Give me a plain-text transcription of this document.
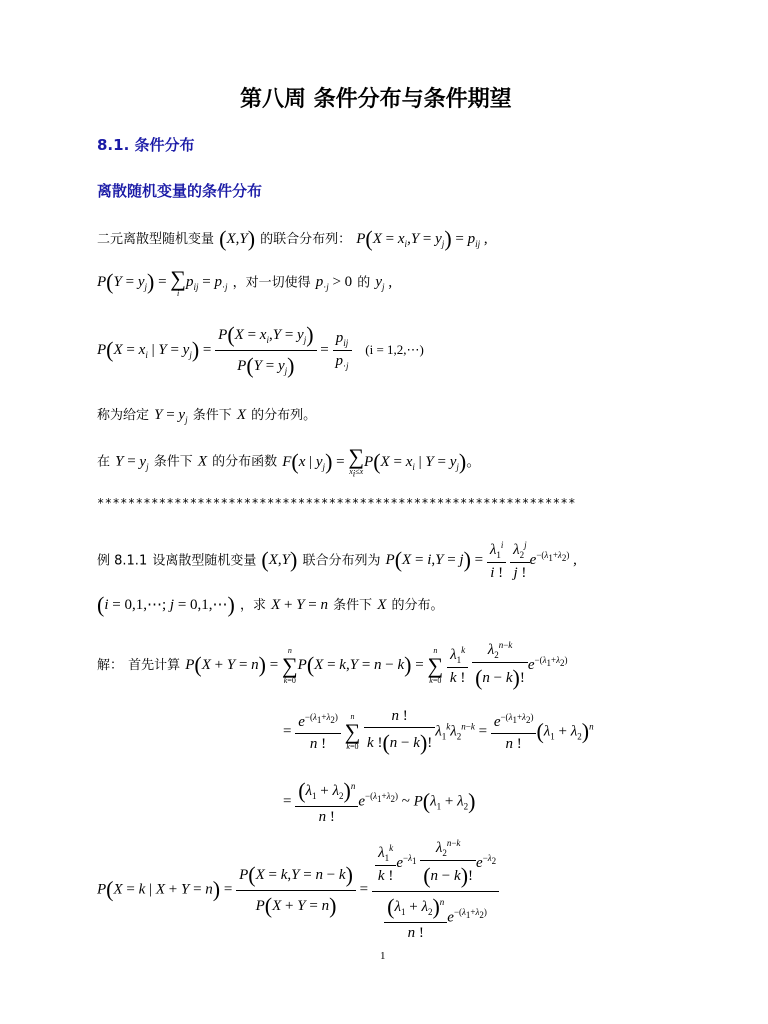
第八周 条件分布与条件期望
8.1. 条件分布
离散随机变量的条件分布
二元离散型随机变量 (X,Y) 的联合分布列： $P(X = x_i,Y = y_j) = p_{ij}$ ,
$P(Y = y_j)$ = ∑
i
$p_{ij} = p_{\cdot j}$ ，对一切使得 $p_{\cdot j} > 0$ 的 $y_j$ ,
$P(X = x_i$ | $Y = y_j) = \frac{P(X = x_i,Y = y_j)}{P(Y = y_j)} = \frac{p_{ij}}{p_{\cdot j}} (i$ = 1,2,⋯)
称为给定 $Y = y_j$ 条件下 X 的分布列。
在 $Y = y_j$ 条件下 X 的分布函数 F(x | $y_j$) = ∑
$x_i\le x$
$P(X = x_i$ | $Y = y_j$)。
**************************************************************
例 8.1.1 设离散型随机变量 (X,Y) 联合分布列为 $P(X = i,Y = j) = \frac{\lambda_1^i}{i !}$
$\frac{\lambda_2^j}{j !} e^{-(\lambda_1+\lambda_2)}$ ,
(i = 0,1,⋯; j = 0,1,⋯) ，求 X + Y = n 条件下 X 的分布。
解： 首先计算 P(X + Y = n) =
n
∑
k=0
P(X = k,Y = n − k) =
n
∑
k=0
$\frac{\lambda_1^k}{k !}$
$\frac{\lambda_2^{n-k}}{(n - k)!} e^{-(\lambda_1+\lambda_2)}$
= $\frac{e^{-(\lambda_1+\lambda_2)}}{n !}$
	n
∑
k=0
$\frac{n !}{k !(n - k)!} \lambda_1^k\lambda_2^{n-k} = \frac{e^{-(\lambda_1+\lambda_2)}}{n !} (\lambda_1 + \lambda_2)^n$
= $\frac{(\lambda_1 + \lambda_2)^n}{n !} e^{-(\lambda_1+\lambda_2)}$ ~ $P(\lambda_1 + \lambda_2)$
P(X = k | $X + Y = n) = \frac{P(X = k,Y = n - k)}{P(X + Y = n)} = \frac{\frac{\lambda_1^k}{k !} e^{-\lambda_1} \frac{\lambda_2^{n-k}}{(n - k)!} e^{-\lambda_2}}{\frac{(\lambda_1 + \lambda_2)^n}{n !} e^{-(\lambda_1+\lambda_2)}}$
1
